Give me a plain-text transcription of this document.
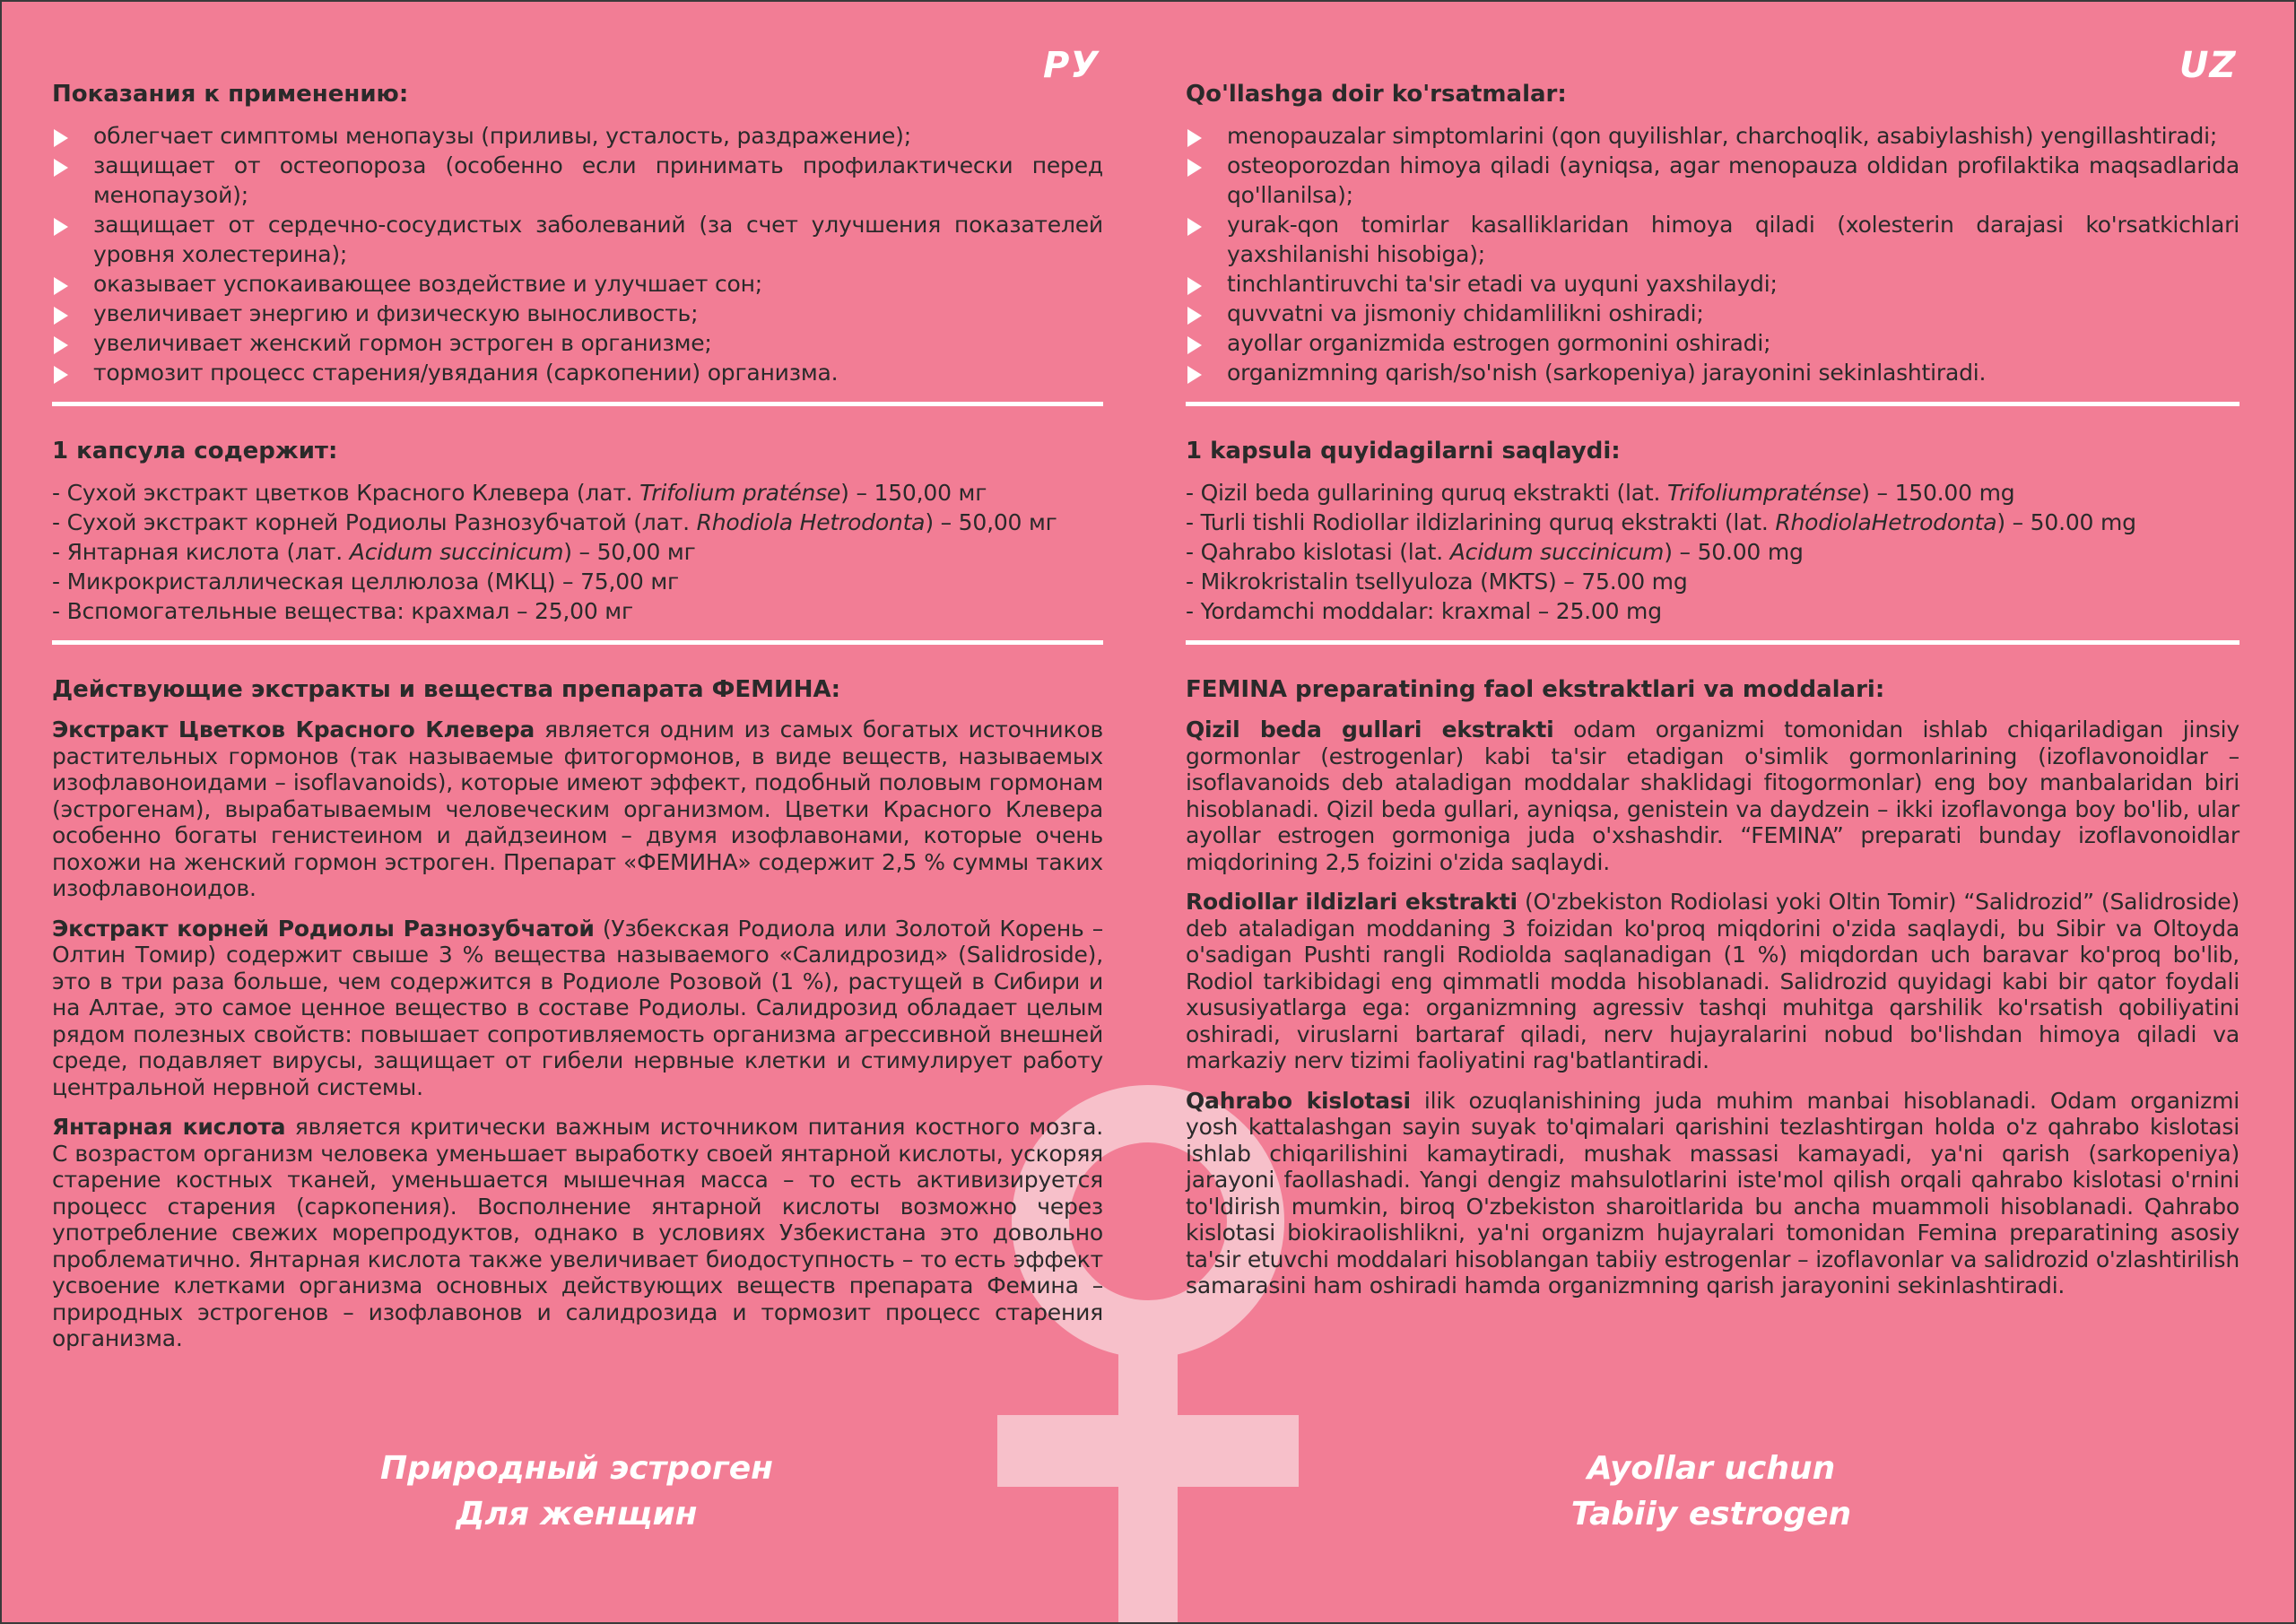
РУ	UZ
Показания к применению:
облегчает симптомы менопаузы (приливы, усталость, раздражение);
защищает от остеопороза (особенно если принимать профилактически перед менопаузой);
защищает от сердечно-сосудистых заболеваний (за счет улучшения показателей уровня холестерина);
оказывает успокаивающее воздействие и улучшает сон;
увеличивает энергию и физическую выносливость;
увеличивает женский гормон эстроген в организме;
тормозит процесс старения/увядания (саркопении) организма.
1 капсула содержит:
- Сухой экстракт цветков Красного Клевера (лат. Trifolium praténse) – 150,00 мг
- Сухой экстракт корней Родиолы Разнозубчатой (лат. Rhodiola Hetrodonta) – 50,00 мг
- Янтарная кислота (лат. Acidum succinicum) – 50,00 мг
- Микрокристаллическая целлюлоза (МКЦ) – 75,00 мг
- Вспомогательные вещества: крахмал – 25,00 мг
Действующие экстракты и вещества препарата ФЕМИНА:

Экстракт Цветков Красного Клевера является одним из самых богатых источников растительных гормонов (так называемые фитогормонов, в виде веществ, называемых изофлавоноидами – isoflavanoids), которые имеют эффект, подобный половым гормонам (эстрогенам), вырабатываемым человеческим организмом. Цветки Красного Клевера особенно богаты генистеином и дайдзеином – двумя изофлавонами, которые очень похожи на женский гормон эстроген. Препарат «ФЕМИНА» содержит 2,5 % суммы таких изофлавоноидов.

Экстракт корней Родиолы Разнозубчатой (Узбекская Родиола или Золотой Корень – Олтин Томир) содержит свыше 3 % вещества называемого «Салидрозид» (Salidroside), это в три раза больше, чем содержится в Родиоле Розовой (1 %), растущей в Сибири и на Алтае, это самое ценное вещество в составе Родиолы. Салидрозид обладает целым рядом полезных свойств: повышает сопротивляемость организма агрессивной внешней среде, подавляет вирусы, защищает от гибели нервные клетки и стимулирует работу центральной нервной системы.

Янтарная кислота является критически важным источником питания костного мозга. С возрастом организм человека уменьшает выработку своей янтарной кислоты, ускоряя старение костных тканей, уменьшается мышечная масса – то есть активизируется процесс старения (саркопения). Восполнение янтарной кислоты возможно через употребление свежих морепродуктов, однако в условиях Узбекистана это довольно проблематично. Янтарная кислота также увеличивает биодоступность – то есть эффект усвоение клетками организма основных действующих веществ препарата Фемина – природных эстрогенов – изофлавонов и салидрозида и тормозит процесс старения организма.

Qo'llashga doir ko'rsatmalar:
menopauzalar simptomlarini (qon quyilishlar, charchoqlik, asabiylashish) yengillashtiradi;
osteoporozdan himoya qiladi (ayniqsa, agar menopauza oldidan profilaktika maqsadlarida qo'llanilsa);
yurak-qon tomirlar kasalliklaridan himoya qiladi (xolesterin darajasi ko'rsatkichlari yaxshilanishi hisobiga);
tinchlantiruvchi ta'sir etadi va uyquni yaxshilaydi;
quvvatni va jismoniy chidamlilikni oshiradi;
ayollar organizmida estrogen gormonini oshiradi;
organizmning qarish/so'nish (sarkopeniya) jarayonini sekinlashtiradi.
1 kapsula quyidagilarni saqlaydi:
- Qizil beda gullarining quruq ekstrakti (lat. Trifoliumpraténse) – 150.00 mg
- Turli tishli Rodiollar ildizlarining quruq ekstrakti (lat. RhodiolaHetrodonta) – 50.00 mg
- Qahrabo kislotasi (lat. Acidum succinicum) – 50.00 mg
- Mikrokristalin tsellyuloza (MKTS) – 75.00 mg
- Yordamchi moddalar: kraxmal – 25.00 mg
FEMINA preparatining faol ekstraktlari va moddalari:

Qizil beda gullari ekstrakti odam organizmi tomonidan ishlab chiqariladigan jinsiy gormonlar (estrogenlar) kabi ta'sir etadigan o'simlik gormonlarining (izoflavonoidlar – isoflavanoids deb ataladigan moddalar shaklidagi fitogormonlar) eng boy manbalaridan biri hisoblanadi. Qizil beda gullari, ayniqsa, genistein va daydzein – ikki izoflavonga boy bo'lib, ular ayollar estrogen gormoniga juda o'xshashdir. “FEMINA” preparati bunday izoflavonoidlar miqdorining 2,5 foizini o'zida saqlaydi.

Rodiollar ildizlari ekstrakti (O'zbekiston Rodiolasi yoki Oltin Tomir) “Salidrozid” (Salidroside) deb ataladigan moddaning 3 foizidan ko'proq miqdorini o'zida saqlaydi, bu Sibir va Oltoyda o'sadigan Pushti rangli Rodiolda saqlanadigan (1 %) miqdordan uch baravar ko'proq bo'lib, Rodiol tarkibidagi eng qimmatli modda hisoblanadi. Salidrozid quyidagi kabi bir qator foydali xususiyatlarga ega: organizmning agressiv tashqi muhitga qarshilik ko'rsatish qobiliyatini oshiradi, viruslarni bartaraf qiladi, nerv hujayralarini nobud bo'lishdan himoya qiladi va markaziy nerv tizimi faoliyatini rag'batlantiradi.

Qahrabo kislotasi ilik ozuqlanishining juda muhim manbai hisoblanadi. Odam organizmi yosh kattalashgan sayin suyak to'qimalari qarishini tezlashtirgan holda o'z qahrabo kislotasi ishlab chiqarilishini kamaytiradi, mushak massasi kamayadi, ya'ni qarish (sarkopeniya) jarayoni faollashadi. Yangi dengiz mahsulotlarini iste'mol qilish orqali qahrabo kislotasi o'rnini to'ldirish mumkin, biroq O'zbekiston sharoitlarida bu ancha muammoli hisoblanadi. Qahrabo kislotasi biokiraolishlikni, ya'ni organizm hujayralari tomonidan Femina preparatining asosiy ta'sir etuvchi moddalari hisoblangan tabiiy estrogenlar – izoflavonlar va salidrozid o'zlashtirilish samarasini ham oshiradi hamda organizmning qarish jarayonini sekinlashtiradi.

Природный эстроген
Для женщин
Ayollar uchun
Tabiiy estrogen
